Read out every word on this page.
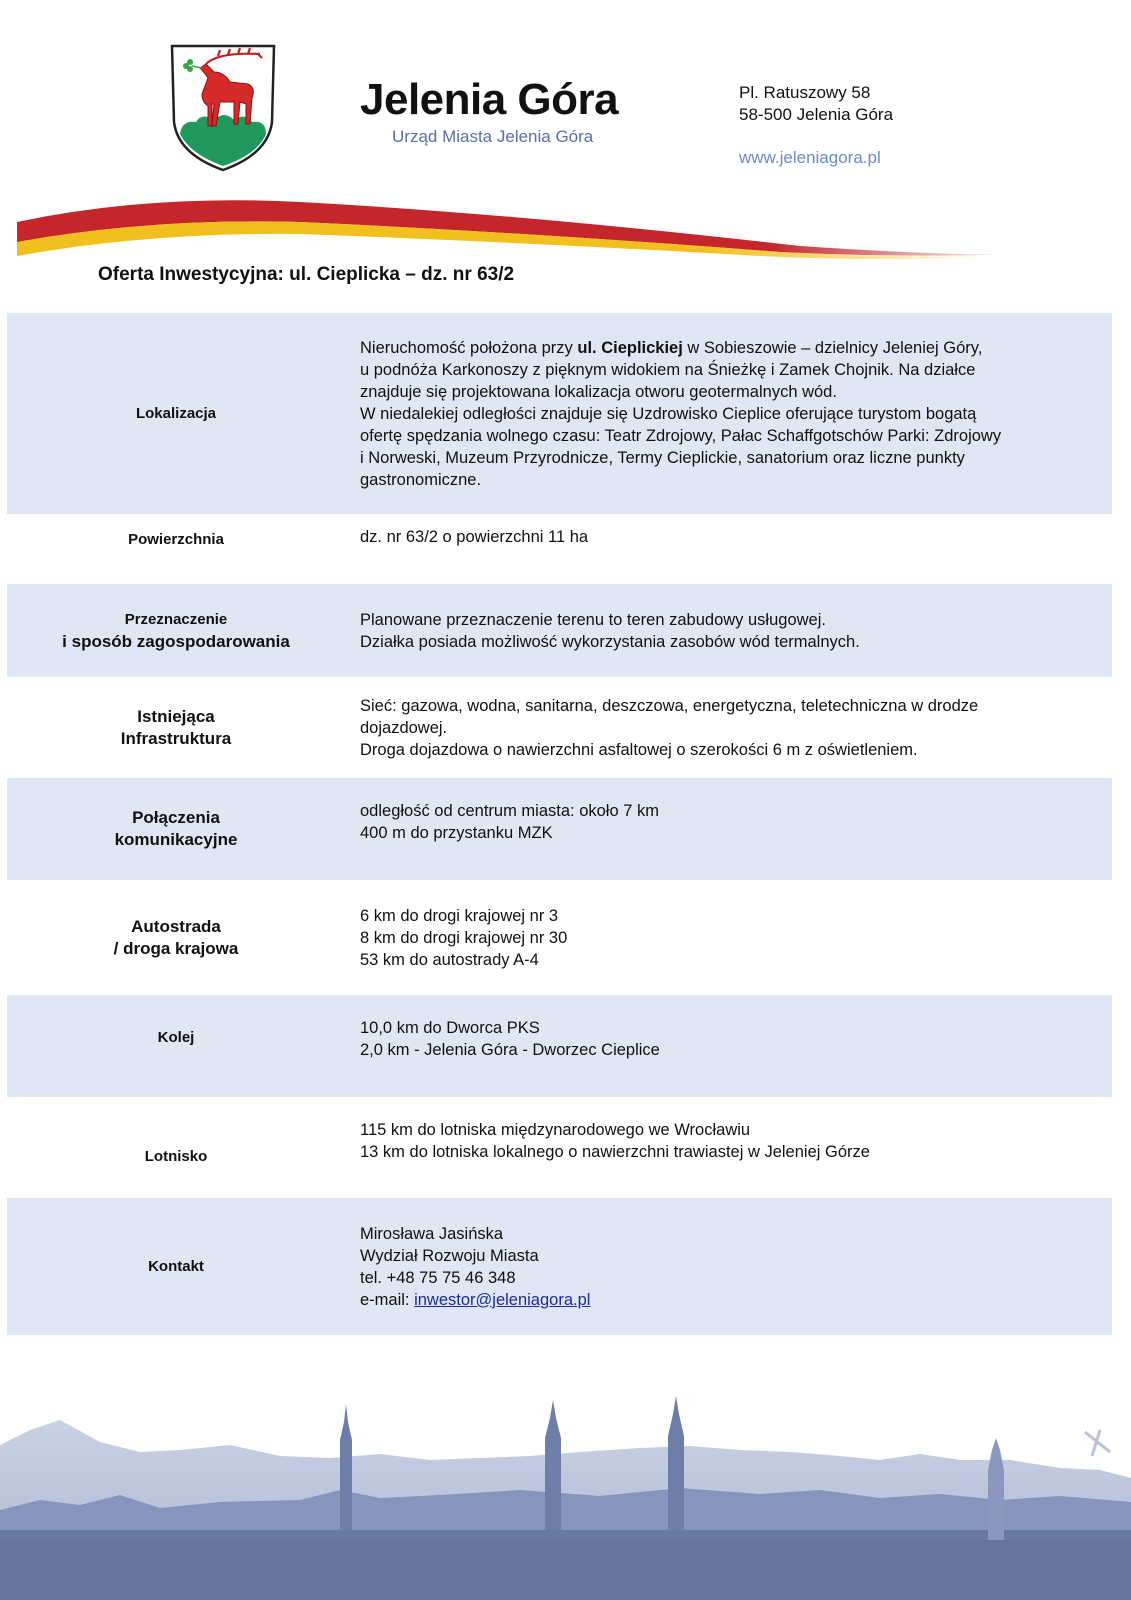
Jelenia Góra
Urząd Miasta Jelenia Góra
Pl. Ratuszowy 58
58-500 Jelenia Góra
www.jeleniagora.pl
Oferta Inwestycyjna: ul. Cieplicka – dz. nr 63/2
Lokalizacja

Nieruchomość położona przy ul. Cieplickiej w Sobieszowie – dzielnicy Jeleniej Góry,

u podnóża Karkonoszy z pięknym widokiem na Śnieżkę i Zamek Chojnik. Na działce

znajduje się projektowana lokalizacja otworu geotermalnych wód.

W niedalekiej odległości znajduje się Uzdrowisko Cieplice oferujące turystom bogatą

ofertę spędzania wolnego czasu: Teatr Zdrojowy, Pałac Schaffgotschów Parki: Zdrojowy

i Norweski, Muzeum Przyrodnicze, Termy Cieplickie, sanatorium oraz liczne punkty

gastronomiczne.

Powierzchnia	dz. nr 63/2 o powierzchni 11 ha

Przeznaczenie
i sposób zagospodarowania

Planowane przeznaczenie terenu to teren zabudowy usługowej.

Działka posiada możliwość wykorzystania zasobów wód termalnych.

Istniejąca
Infrastruktura

Sieć: gazowa, wodna, sanitarna, deszczowa, energetyczna, teletechniczna w drodze

dojazdowej.

Droga dojazdowa o nawierzchni asfaltowej o szerokości 6 m z oświetleniem.

Połączenia
komunikacyjne

odległość od centrum miasta: około 7 km

400 m do przystanku MZK

Autostrada
/ droga krajowa

6 km do drogi krajowej nr 3

8 km do drogi krajowej nr 30

53 km do autostrady A-4

Kolej

10,0 km do Dworca PKS

2,0 km - Jelenia Góra - Dworzec Cieplice

Lotnisko

115 km do lotniska międzynarodowego we Wrocławiu

13 km do lotniska lokalnego o nawierzchni trawiastej w Jeleniej Górze

Kontakt

Mirosława Jasińska

Wydział Rozwoju Miasta

tel. +48 75 75 46 348

e-mail: inwestor@jeleniagora.pl
